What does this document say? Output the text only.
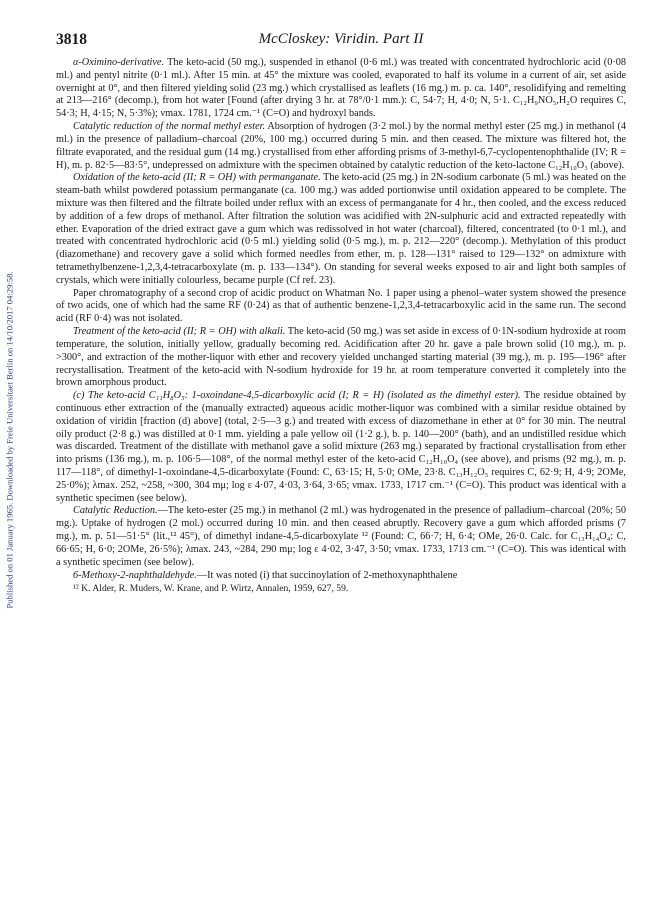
Published on 01 January 1965. Downloaded by Freie Universitaet Berlin on 14/10/2017 04:29:58.
3818	McCloskey: Viridin. Part II

α-Oximino-derivative. The keto-acid (50 mg.), suspended in ethanol (0·6 ml.) was treated with concentrated hydrochloric acid (0·08 ml.) and pentyl nitrite (0·1 ml.). After 15 min. at 45° the mixture was cooled, evaporated to half its volume in a current of air, set aside overnight at 0°, and then filtered yielding solid (23 mg.) which crystallised as leaflets (16 mg.) m. p. ca. 140°, resolidifying and remelting at 213—216° (decomp.), from hot water [Found (after drying 3 hr. at 78°/0·1 mm.): C, 54·7; H, 4·0; N, 5·1. C₁₂H₉NO₅,H₂O requires C, 54·3; H, 4·15; N, 5·3%); νmax. 1781, 1724 cm.⁻¹ (C=O) and hydroxyl bands.

Catalytic reduction of the normal methyl ester. Absorption of hydrogen (3·2 mol.) by the normal methyl ester (25 mg.) in methanol (4 ml.) in the presence of palladium–charcoal (20%, 100 mg.) occurred during 5 min. and then ceased. The mixture was filtered hot, the filtrate evaporated, and the residual gum (14 mg.) crystallised from ether affording prisms of 3-methyl-6,7-cyclopentenophthalide (IV; R = H), m. p. 82·5—83·5°, undepressed on admixture with the specimen obtained by catalytic reduction of the keto-lactone C₁₂H₁₀O₃ (above).

Oxidation of the keto-acid (II; R = OH) with permanganate. The keto-acid (25 mg.) in 2N-sodium carbonate (5 ml.) was heated on the steam-bath whilst powdered potassium permanganate (ca. 100 mg.) was added portionwise until oxidation appeared to be complete. The mixture was then filtered and the filtrate boiled under reflux with an excess of permanganate for 4 hr., then cooled, and the excess reduced by addition of a few drops of methanol. After filtration the solution was acidified with 2N-sulphuric acid and extracted repeatedly with ether. Evaporation of the dried extract gave a gum which was redissolved in hot water (charcoal), filtered, concentrated (to 0·1 ml.), and treated with concentrated hydrochloric acid (0·5 ml.) yielding solid (0·5 mg.), m. p. 212—220° (decomp.). Methylation of this product (diazomethane) and recovery gave a solid which formed needles from ether, m. p. 128—131° raised to 129—132° on admixture with tetramethylbenzene-1,2,3,4-tetracarboxylate (m. p. 133—134°). On standing for several weeks exposed to air and light both samples of crystals, which were initially colourless, became purple (Cf ref. 23).

Paper chromatography of a second crop of acidic product on Whatman No. 1 paper using a phenol–water system showed the presence of two acids, one of which had the same RF (0·24) as that of authentic benzene-1,2,3,4-tetracarboxylic acid in the same run. The second acid (RF 0·4) was not isolated.

Treatment of the keto-acid (II; R = OH) with alkali. The keto-acid (50 mg.) was set aside in excess of 0·1N-sodium hydroxide at room temperature, the solution, initially yellow, gradually becoming red. Acidification after 20 hr. gave a pale brown solid (10 mg.), m. p. >300°, and extraction of the mother-liquor with ether and recovery yielded unchanged starting material (39 mg.), m. p. 195—196° after recrystallisation. Treatment of the keto-acid with N-sodium hydroxide for 19 hr. at room temperature converted it completely into the brown amorphous product.

(c) The keto-acid C₁₁H₈O₅: 1-oxoindane-4,5-dicarboxylic acid (I; R = H) (isolated as the dimethyl ester). The residue obtained by continuous ether extraction of the (manually extracted) aqueous acidic mother-liquor was combined with a similar residue obtained by oxidation of viridin [fraction (d) above] (total, 2·5—3 g.) and treated with excess of diazomethane in ether at 0° for 30 min. The neutral oily product (2·8 g.) was distilled at 0·1 mm. yielding a pale yellow oil (1·2 g.), b. p. 140—200° (bath), and an undistilled residue which was discarded. Treatment of the distillate with methanol gave a solid mixture (263 mg.) separated by fractional crystallisation from ether into prisms (136 mg.), m. p. 106·5—108°, of the normal methyl ester of the keto-acid C₁₂H₁₀O₄ (see above), and prisms (92 mg.), m. p. 117—118°, of dimethyl-1-oxoindane-4,5-dicarboxylate (Found: C, 63·15; H, 5·0; OMe, 23·8. C₁₃H₁₂O₅ requires C, 62·9; H, 4·9; 2OMe, 25·0%); λmax. 252, ~258, ~300, 304 mμ; log ε 4·07, 4·03, 3·64, 3·65; νmax. 1733, 1717 cm.⁻¹ (C=O). This product was identical with a synthetic specimen (see below).

Catalytic Reduction.—The keto-ester (25 mg.) in methanol (2 ml.) was hydrogenated in the presence of palladium–charcoal (20%; 50 mg.). Uptake of hydrogen (2 mol.) occurred during 10 min. and then ceased abruptly. Recovery gave a gum which afforded prisms (7 mg.), m. p. 51—51·5° (lit.,¹² 45°), of dimethyl indane-4,5-dicarboxylate ¹² (Found: C, 66·7; H, 6·4; OMe, 26·0. Calc. for C₁₃H₁₄O₄: C, 66·65; H, 6·0; 2OMe, 26·5%); λmax. 243, ~284, 290 mμ; log ε 4·02, 3·47, 3·50; νmax. 1733, 1713 cm.⁻¹ (C=O). This was identical with a synthetic specimen (see below).

6-Methoxy-2-naphthaldehyde.—It was noted (i) that succinoylation of 2-methoxynaphthalene

¹² K. Alder, R. Muders, W. Krane, and P. Wirtz, Annalen, 1959, 627, 59.
